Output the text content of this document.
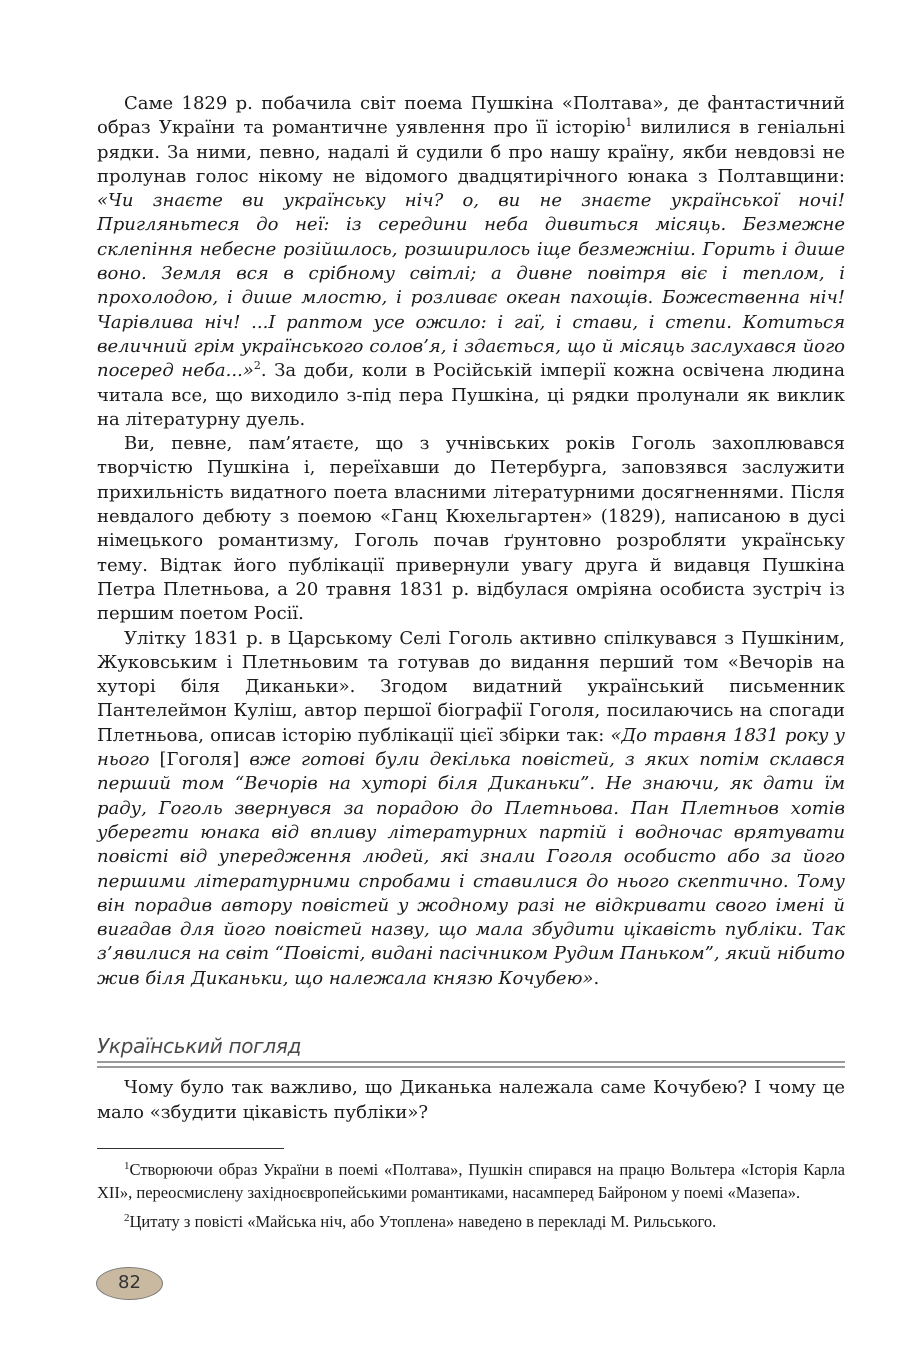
Саме 1829 р. побачила світ поема Пушкіна «Полтава», де фантастичний образ України та романтичне уявлення про її історію$^1$ вилилися в геніальні рядки. За ними, певно, надалі й судили б про нашу країну, якби невдовзі не пролунав голос нікому не відомого двадцятирічного юнака з Полтавщини: «Чи знаєте ви українську ніч? о, ви не знаєте української ночі! Пригляньтеся до неї: із середини неба дивиться місяць. Безмежне склепіння небесне розійшлось, розширилось іще безмежніш. Горить і дише воно. Земля вся в срібному світлі; а дивне повітря віє і теплом, і прохолодою, і дише млостю, і розливає океан пахощів. Божественна ніч! Чарівлива ніч! ...І раптом усе ожило: і гаї, і стави, і степи. Котиться величний грім українського солов’я, і здається, що й місяць заслухався його посеред неба...»$^2$. За доби, коли в Російській імперії кожна освічена людина читала все, що виходило з-під пера Пушкіна, ці рядки пролунали як виклик на літературну дуель.

Ви, певне, пам’ятаєте, що з учнівських років Гоголь захоплювався творчістю Пушкіна і, переїхавши до Петербурга, заповзявся заслужити прихильність видатного поета власними літературними досягненнями. Після невдалого дебюту з поемою «Ганц Кюхельгартен» (1829), написаною в дусі німецького романтизму, Гоголь почав ґрунтовно розробляти українську тему. Відтак його публікації привернули увагу друга й видавця Пушкіна Петра Плетньова, а 20 травня 1831 р. відбулася омріяна особиста зустріч із першим поетом Росії.

Улітку 1831 р. в Царському Селі Гоголь активно спілкувався з Пушкіним, Жуковським і Плетньовим та готував до видання перший том «Вечорів на хуторі біля Диканьки». Згодом видатний український письменник Пантелеймон Куліш, автор першої біографії Гоголя, посилаючись на спогади Плетньова, описав історію публікації цієї збірки так: «До травня 1831 року у нього [Гоголя] вже готові були декілька повістей, з яких потім склався перший том “Вечорів на хуторі біля Диканьки”. Не знаючи, як дати їм раду, Гоголь звернувся за порадою до Плетньова. Пан Плетньов хотів уберегти юнака від впливу літературних партій і водночас врятувати повісті від упередження людей, які знали Гоголя особисто або за його першими літературними спробами і ставилися до нього скептично. Тому він порадив автору повістей у жодному разі не відкривати свого імені й вигадав для його повістей назву, що мала збудити цікавість публіки. Так з’явилися на світ “Повісті, видані пасічником Рудим Паньком”, який нібито жив біля Диканьки, що належала князю Кочубею».

Український погляд

Чому було так важливо, що Диканька належала саме Кочубею? І чому це мало «збудити цікавість публіки»?

$^1$Створюючи образ України в поемі «Полтава», Пушкін спирався на працю Вольтера «Історія Карла XII», переосмислену західноєвропейськими романтиками, насамперед Байроном у поемі «Мазепа».

$^2$Цитату з повісті «Майська ніч, або Утоплена» наведено в перекладі М. Рильського.

82
